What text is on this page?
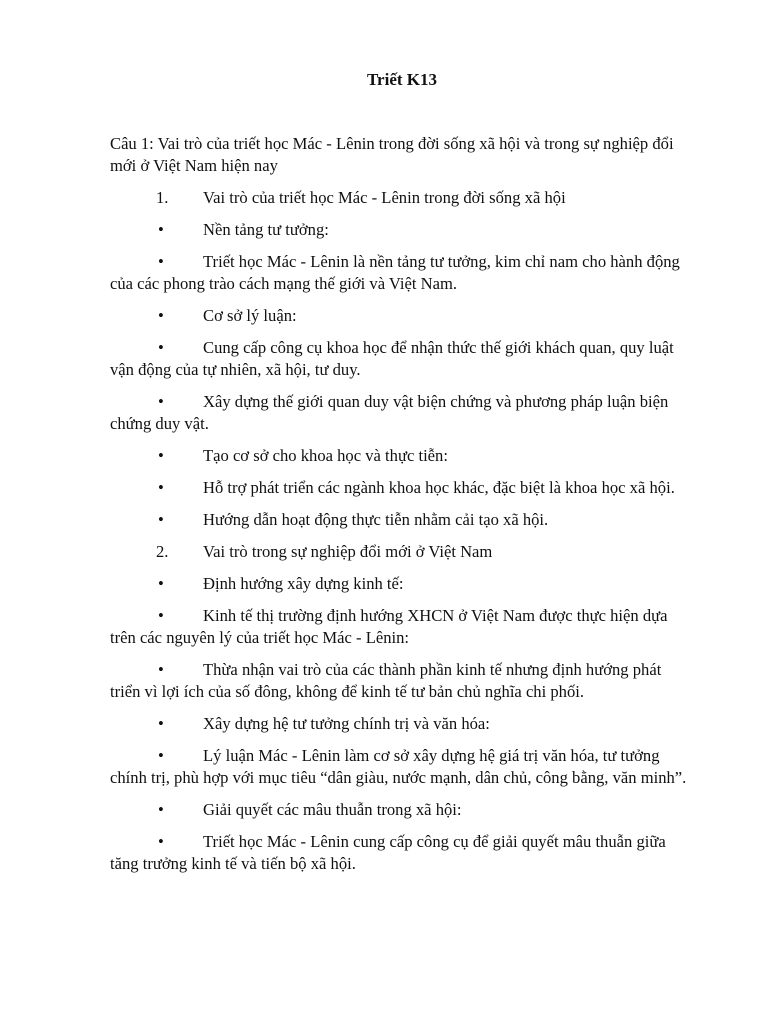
Triết K13

Câu 1: Vai trò của triết học Mác - Lênin trong đời sống xã hội và trong sự nghiệp đổi mới ở Việt Nam hiện nay

1. Vai trò của triết học Mác - Lênin trong đời sống xã hội

• Nền tảng tư tưởng:

• Triết học Mác - Lênin là nền tảng tư tưởng, kim chỉ nam cho hành động của các phong trào cách mạng thế giới và Việt Nam.

• Cơ sở lý luận:

• Cung cấp công cụ khoa học để nhận thức thế giới khách quan, quy luật vận động của tự nhiên, xã hội, tư duy.

• Xây dựng thế giới quan duy vật biện chứng và phương pháp luận biện chứng duy vật.

• Tạo cơ sở cho khoa học và thực tiễn:

• Hỗ trợ phát triển các ngành khoa học khác, đặc biệt là khoa học xã hội.

• Hướng dẫn hoạt động thực tiễn nhằm cải tạo xã hội.

2. Vai trò trong sự nghiệp đổi mới ở Việt Nam

• Định hướng xây dựng kinh tế:

• Kinh tế thị trường định hướng XHCN ở Việt Nam được thực hiện dựa trên các nguyên lý của triết học Mác - Lênin:

• Thừa nhận vai trò của các thành phần kinh tế nhưng định hướng phát triển vì lợi ích của số đông, không để kinh tế tư bản chủ nghĩa chi phối.

• Xây dựng hệ tư tưởng chính trị và văn hóa:

• Lý luận Mác - Lênin làm cơ sở xây dựng hệ giá trị văn hóa, tư tưởng chính trị, phù hợp với mục tiêu “dân giàu, nước mạnh, dân chủ, công bằng, văn minh”.

• Giải quyết các mâu thuẫn trong xã hội:

• Triết học Mác - Lênin cung cấp công cụ để giải quyết mâu thuẫn giữa tăng trưởng kinh tế và tiến bộ xã hội.
